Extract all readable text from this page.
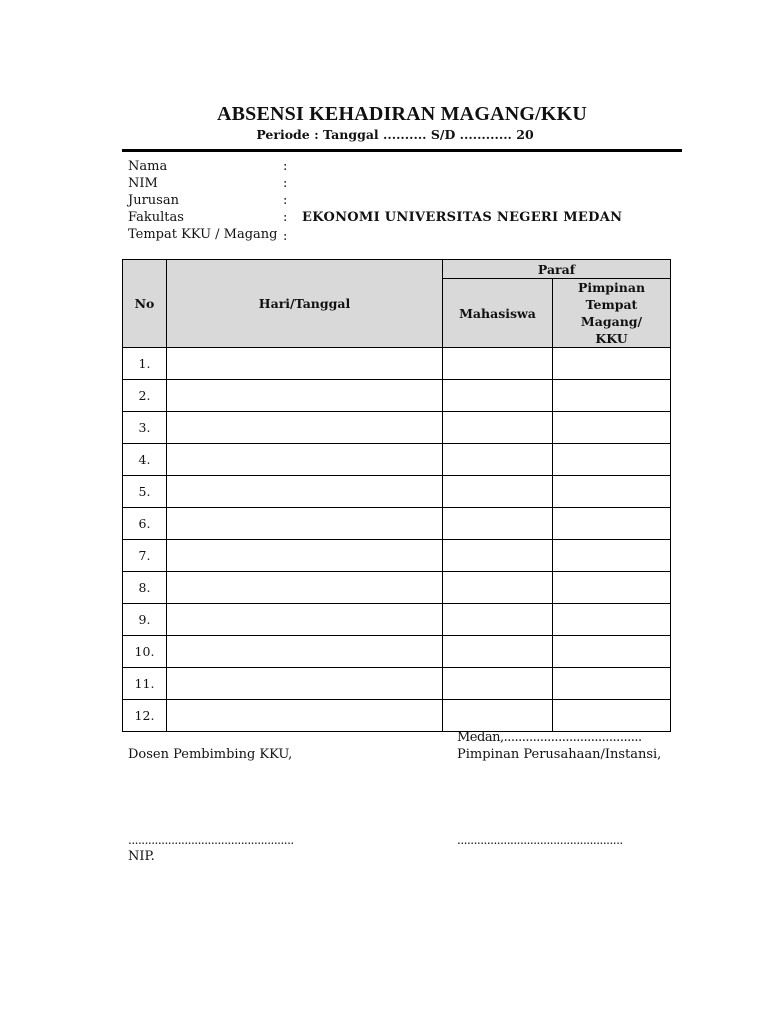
ABSENSI KEHADIRAN MAGANG/KKU
Periode : Tanggal .......... S/D ............ 20
Nama	:
NIM	:
Jurusan	:
Fakultas	: EKONOMI UNIVERSITAS NEGERI MEDAN
Tempat KKU / Magang :
No	Hari/Tanggal	Paraf	
		Mahasiswa	Pimpinan Tempat Magang/ KKU
1.			
2.			
3.			
4.			
5.			
6.			
7.			
8.			
9.			
10.			
11.			
12.			
Medan,......................................
Dosen Pembimbing KKU,	Pimpinan Perusahaan/Instansi,
..................................................	..................................................
NIP.
